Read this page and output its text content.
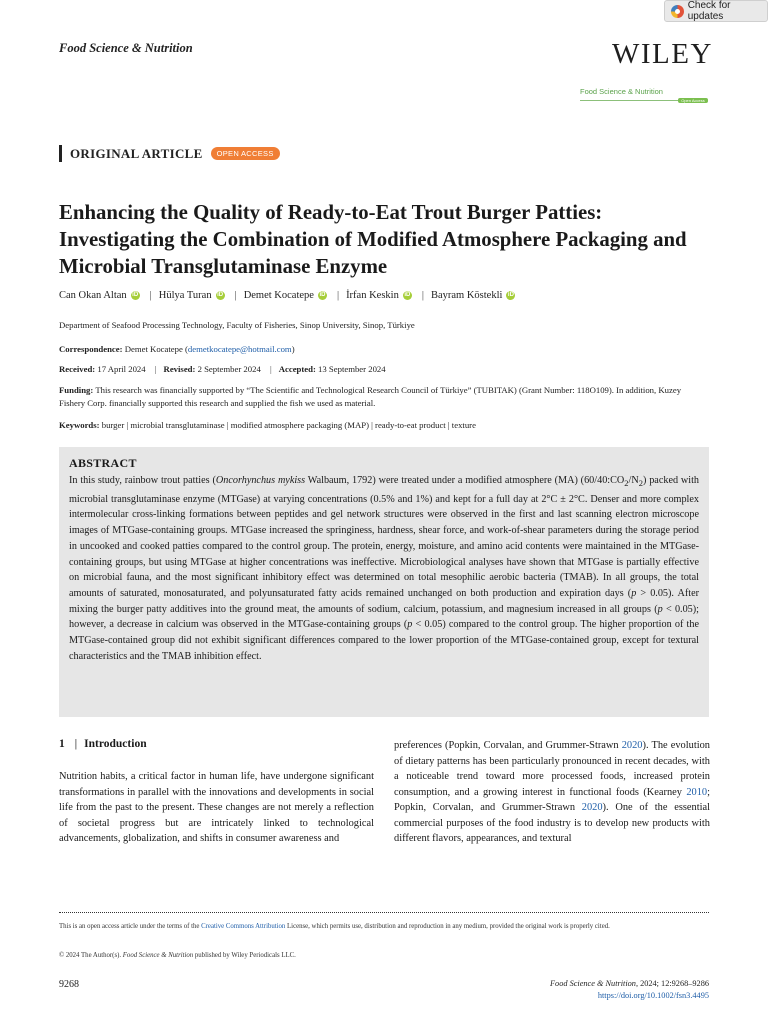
Check for updates
Food Science & Nutrition	WILEY
Food Science & Nutrition
Open Access
ORIGINAL ARTICLE	OPEN ACCESS
Enhancing the Quality of Ready-to-Eat Trout Burger Patties: Investigating the Combination of Modified Atmosphere Packaging and Microbial Transglutaminase Enzyme
Can Okan Altan iD | Hülya Turan iD | Demet Kocatepe iD | İrfan Keskin iD | Bayram Köstekli iD
Department of Seafood Processing Technology, Faculty of Fisheries, Sinop University, Sinop, Türkiye
Correspondence: Demet Kocatepe (demetkocatepe@hotmail.com)
Received: 17 April 2024 | Revised: 2 September 2024 | Accepted: 13 September 2024
Funding: This research was financially supported by “The Scientific and Technological Research Council of Türkiye” (TUBITAK) (Grant Number: 118O109). In addition, Kuzey Fishery Corp. financially supported this research and supplied the fish we used as material.
Keywords: burger | microbial transglutaminase | modified atmosphere packaging (MAP) | ready-to-eat product | texture
ABSTRACT

In this study, rainbow trout patties (Oncorhynchus mykiss Walbaum, 1792) were treated under a modified atmosphere (MA) $(60/40:CO_2/N_2)$ packed with microbial transglutaminase enzyme (MTGase) at varying concentrations (0.5% and 1%) and kept for a full day at 2°C ± 2°C. Denser and more complex intermolecular cross-linking formations between peptides and gel network structures were observed in the first and last scanning electron microscope images of MTGase-containing groups. MTGase increased the springiness, hardness, shear force, and work-of-shear parameters during the storage period in uncooked and cooked patties compared to the control group. The protein, energy, moisture, and amino acid contents were maintained in the MTGase-containing groups, but using MTGase at higher concentrations was ineffective. Microbiological analyses have shown that MTGase is partially effective on microbial fauna, and the most significant inhibitory effect was determined on total mesophilic aerobic bacteria (TMAB). In all groups, the total amounts of saturated, monosaturated, and polyunsaturated fatty acids remained unchanged on both production and expiration days (p > 0.05). After mixing the burger patty additives into the ground meat, the amounts of sodium, calcium, potassium, and magnesium increased in all groups (p < 0.05); however, a decrease in calcium was observed in the MTGase-containing groups (p < 0.05) compared to the control group. The higher proportion of the MTGase-contained group did not exhibit significant differences compared to the lower proportion of the MTGase-contained group, except for textural characteristics and the TMAB inhibition effect.

1 | Introduction

Nutrition habits, a critical factor in human life, have undergone significant transformations in parallel with the innovations and developments in social life from the past to the present. These changes are not merely a reflection of societal progress but are intricately linked to technological advancements, globalization, and shifts in consumer awareness and

preferences (Popkin, Corvalan, and Grummer-Strawn 2020). The evolution of dietary patterns has been particularly pronounced in recent decades, with a noticeable trend toward more processed foods, increased protein consumption, and a growing interest in functional foods (Kearney 2010; Popkin, Corvalan, and Grummer-Strawn 2020). One of the essential commercial purposes of the food industry is to develop new products with different flavors, appearances, and textural

This is an open access article under the terms of the Creative Commons Attribution License, which permits use, distribution and reproduction in any medium, provided the original work is properly cited.
© 2024 The Author(s). Food Science & Nutrition published by Wiley Periodicals LLC.
9268	Food Science & Nutrition, 2024; 12:9268–9286
https://doi.org/10.1002/fsn3.4495
